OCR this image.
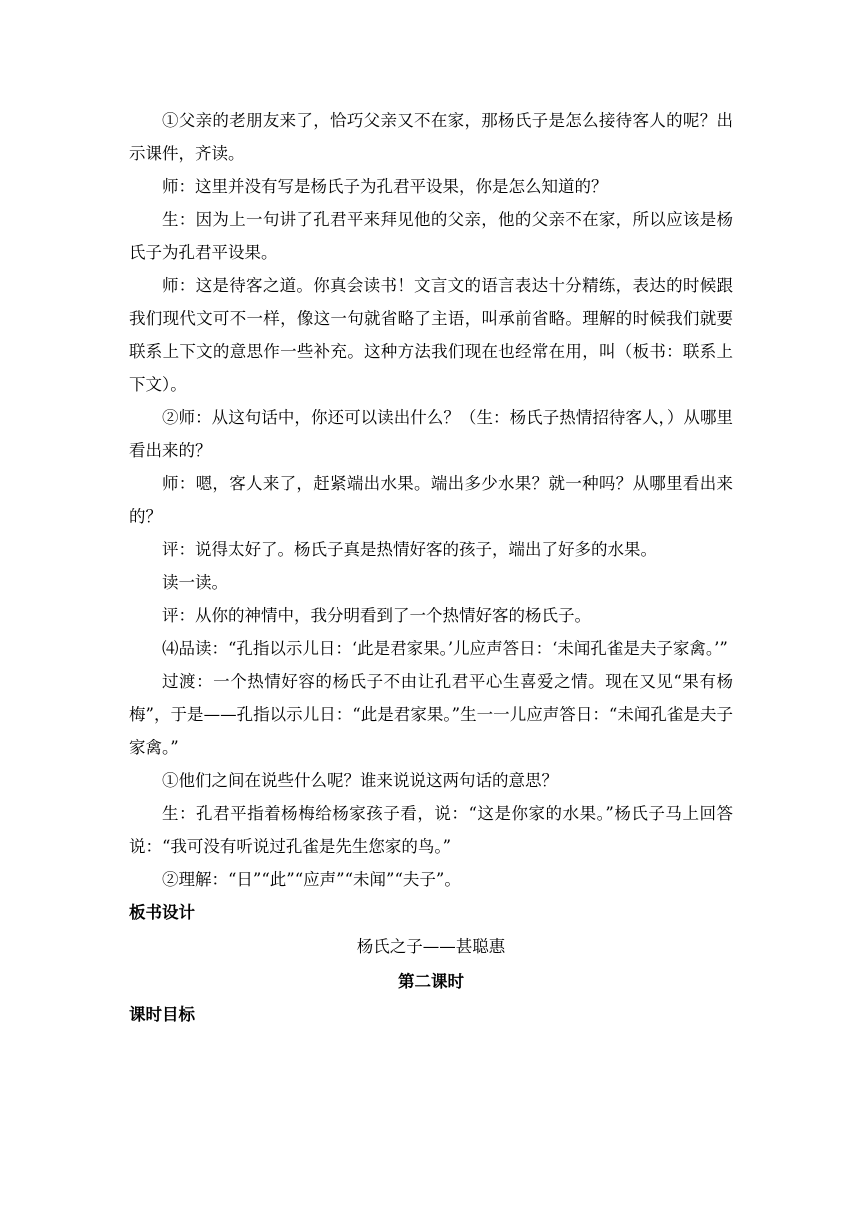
①父亲的老朋友来了，恰巧父亲又不在家，那杨氏子是怎么接待客人的呢？出示课件，齐读。

师：这里并没有写是杨氏子为孔君平设果，你是怎么知道的？

生：因为上一句讲了孔君平来拜见他的父亲，他的父亲不在家，所以应该是杨氏子为孔君平设果。

师：这是待客之道。你真会读书！文言文的语言表达十分精练，表达的时候跟我们现代文可不一样，像这一句就省略了主语，叫承前省略。理解的时候我们就要联系上下文的意思作一些补充。这种方法我们现在也经常在用，叫（板书：联系上下文）。

②师：从这句话中，你还可以读出什么？（生：杨氏子热情招待客人，）从哪里看出来的？

师：嗯，客人来了，赶紧端出水果。端出多少水果？就一种吗？从哪里看出来的？

评：说得太好了。杨氏子真是热情好客的孩子，端出了好多的水果。

读一读。

评：从你的神情中，我分明看到了一个热情好客的杨氏子。

⑷品读：“孔指以示儿日：‘此是君家果。’儿应声答日：‘未闻孔雀是夫子家禽。’”

过渡：一个热情好容的杨氏子不由让孔君平心生喜爱之情。现在又见“果有杨梅”，于是——孔指以示儿日：“此是君家果。”生一一儿应声答日：“未闻孔雀是夫子家禽。”

①他们之间在说些什么呢？谁来说说这两句话的意思？

生：孔君平指着杨梅给杨家孩子看，说：“这是你家的水果。”杨氏子马上回答说：“我可没有听说过孔雀是先生您家的鸟。”

②理解：“日”“此”“应声”“未闻”“夫子”。

板书设计

杨氏之子——甚聪惠

第二课时

课时目标
